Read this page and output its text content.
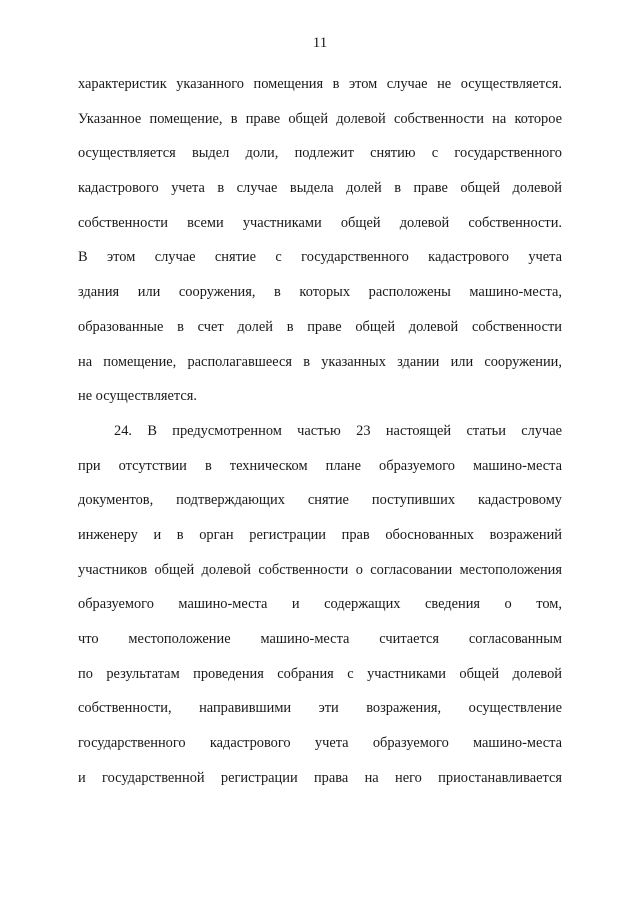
11
характеристик указанного помещения в этом случае не осуществляется.
Указанное помещение, в праве общей долевой собственности на которое
осуществляется выдел доли, подлежит снятию с государственного
кадастрового учета в случае выдела долей в праве общей долевой
собственности всеми участниками общей долевой собственности.
В этом случае снятие с государственного кадастрового учета
здания или сооружения, в которых расположены машино-места,
образованные в счет долей в праве общей долевой собственности
на помещение, располагавшееся в указанных здании или сооружении,
не осуществляется.
24. В предусмотренном частью 23 настоящей статьи случае
при отсутствии в техническом плане образуемого машино-места
документов, подтверждающих снятие поступивших кадастровому
инженеру и в орган регистрации прав обоснованных возражений
участников общей долевой собственности о согласовании местоположения
образуемого машино-места и содержащих сведения о том,
что местоположение машино-места считается согласованным
по результатам проведения собрания с участниками общей долевой
собственности, направившими эти возражения, осуществление
государственного кадастрового учета образуемого машино-места
и государственной регистрации права на него приостанавливается
